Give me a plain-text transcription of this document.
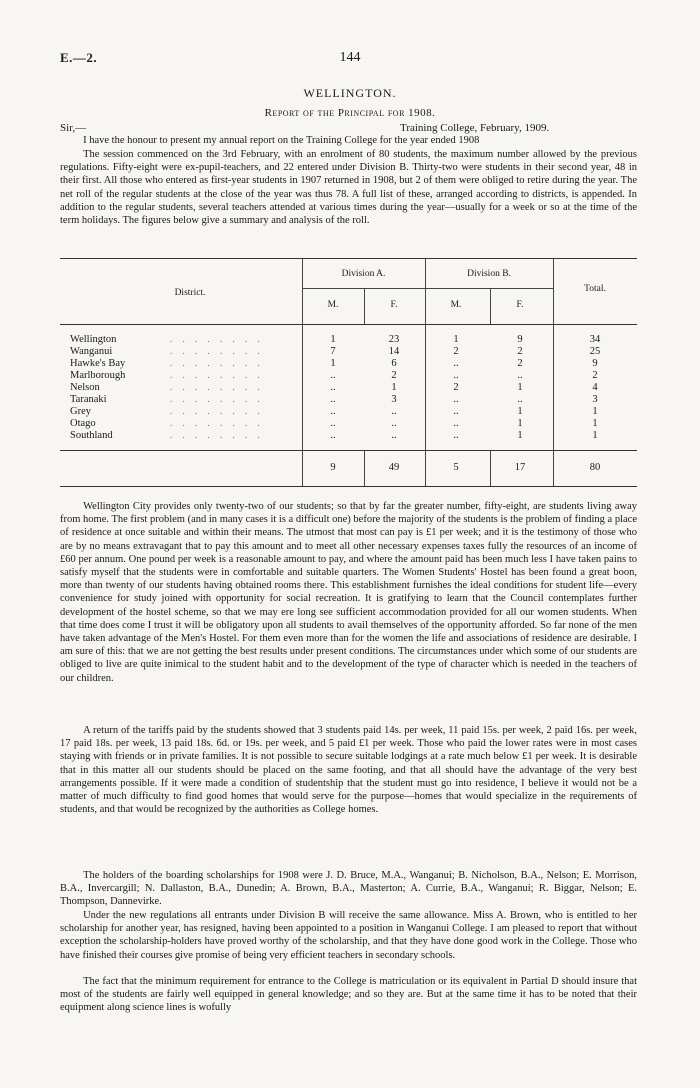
E.—2.	144
WELLINGTON.
Report of the Principal for 1908.
Sir,—	Training College, February, 1909.

I have the honour to present my annual report on the Training College for the year ended 1908

The session commenced on the 3rd February, with an enrolment of 80 students, the maximum number allowed by the previous regulations. Fifty-eight were ex-pupil-teachers, and 22 entered under Division B. Thirty-two were students in their second year, 48 in their first. All those who entered as first-year students in 1907 returned in 1908, but 2 of them were obliged to retire during the year. The net roll of the regular students at the close of the year was thus 78. A full list of these, arranged according to districts, is appended. In addition to the regular students, several teachers attended at various times during the year—usually for a week or so at the time of the term holidays. The figures below give a summary and analysis of the roll.

District.
Division A.	Division B.
Total.
M.	F.	M.	F.
Wellington	. . . . . . . .	1	23	1	9	34
Wanganui	. . . . . . . .	7	14	2	2	25
Hawke's Bay	. . . . . . . .	1	6	..	2	9
Marlborough	. . . . . . . .	..	2	..	..	2
Nelson	. . . . . . . .	..	1	2	1	4
Taranaki	. . . . . . . .	..	3	..	..	3
Grey	. . . . . . . .	..	..	..	1	1
Otago	. . . . . . . .	..	..	..	1	1
Southland	. . . . . . . .	..	..	..	1	1
9	49	5	17	80

Wellington City provides only twenty-two of our students; so that by far the greater number, fifty-eight, are students living away from home. The first problem (and in many cases it is a difficult one) before the majority of the students is the problem of finding a place of residence at once suitable and within their means. The utmost that most can pay is £1 per week; and it is the testimony of those who are by no means extravagant that to pay this amount and to meet all other necessary expenses taxes fully the resources of an income of £60 per annum. One pound per week is a reasonable amount to pay, and where the amount paid has been much less I have taken pains to satisfy myself that the students were in comfortable and suitable quarters. The Women Students' Hostel has been found a great boon, more than twenty of our students having obtained rooms there. This establishment furnishes the ideal conditions for student life—every convenience for study joined with opportunity for social recreation. It is gratifying to learn that the Council contemplates further development of the hostel scheme, so that we may ere long see sufficient accommodation provided for all our women students. When that time does come I trust it will be obligatory upon all students to avail themselves of the opportunity afforded. So far none of the men have taken advantage of the Men's Hostel. For them even more than for the women the life and associations of residence are desirable. I am sure of this: that we are not getting the best results under present conditions. The circumstances under which some of our students are obliged to live are quite inimical to the student habit and to the development of the type of character which is needed in the teachers of our children.

A return of the tariffs paid by the students showed that 3 students paid 14s. per week, 11 paid 15s. per week, 2 paid 16s. per week, 17 paid 18s. per week, 13 paid 18s. 6d. or 19s. per week, and 5 paid £1 per week. Those who paid the lower rates were in most cases staying with friends or in private families. It is not possible to secure suitable lodgings at a rate much below £1 per week. It is desirable that in this matter all our students should be placed on the same footing, and that all should have the advantage of the very best arrangements possible. If it were made a condition of studentship that the student must go into residence, I believe it would not be a matter of much difficulty to find good homes that would serve for the purpose—homes that would specialize in the requirements of students, and that would be recognized by the authorities as College homes.

The holders of the boarding scholarships for 1908 were J. D. Bruce, M.A., Wanganui; B. Nicholson, B.A., Nelson; E. Morrison, B.A., Invercargill; N. Dallaston, B.A., Dunedin; A. Brown, B.A., Masterton; A. Currie, B.A., Wanganui; R. Biggar, Nelson; E. Thompson, Dannevirke.

Under the new regulations all entrants under Division B will receive the same allowance. Miss A. Brown, who is entitled to her scholarship for another year, has resigned, having been appointed to a position in Wanganui College. I am pleased to report that without exception the scholarship-holders have proved worthy of the scholarship, and that they have done good work in the College. Those who have finished their courses give promise of being very efficient teachers in secondary schools.

The fact that the minimum requirement for entrance to the College is matriculation or its equivalent in Partial D should insure that most of the students are fairly well equipped in general knowledge; and so they are. But at the same time it has to be noted that their equipment along science lines is wofully
